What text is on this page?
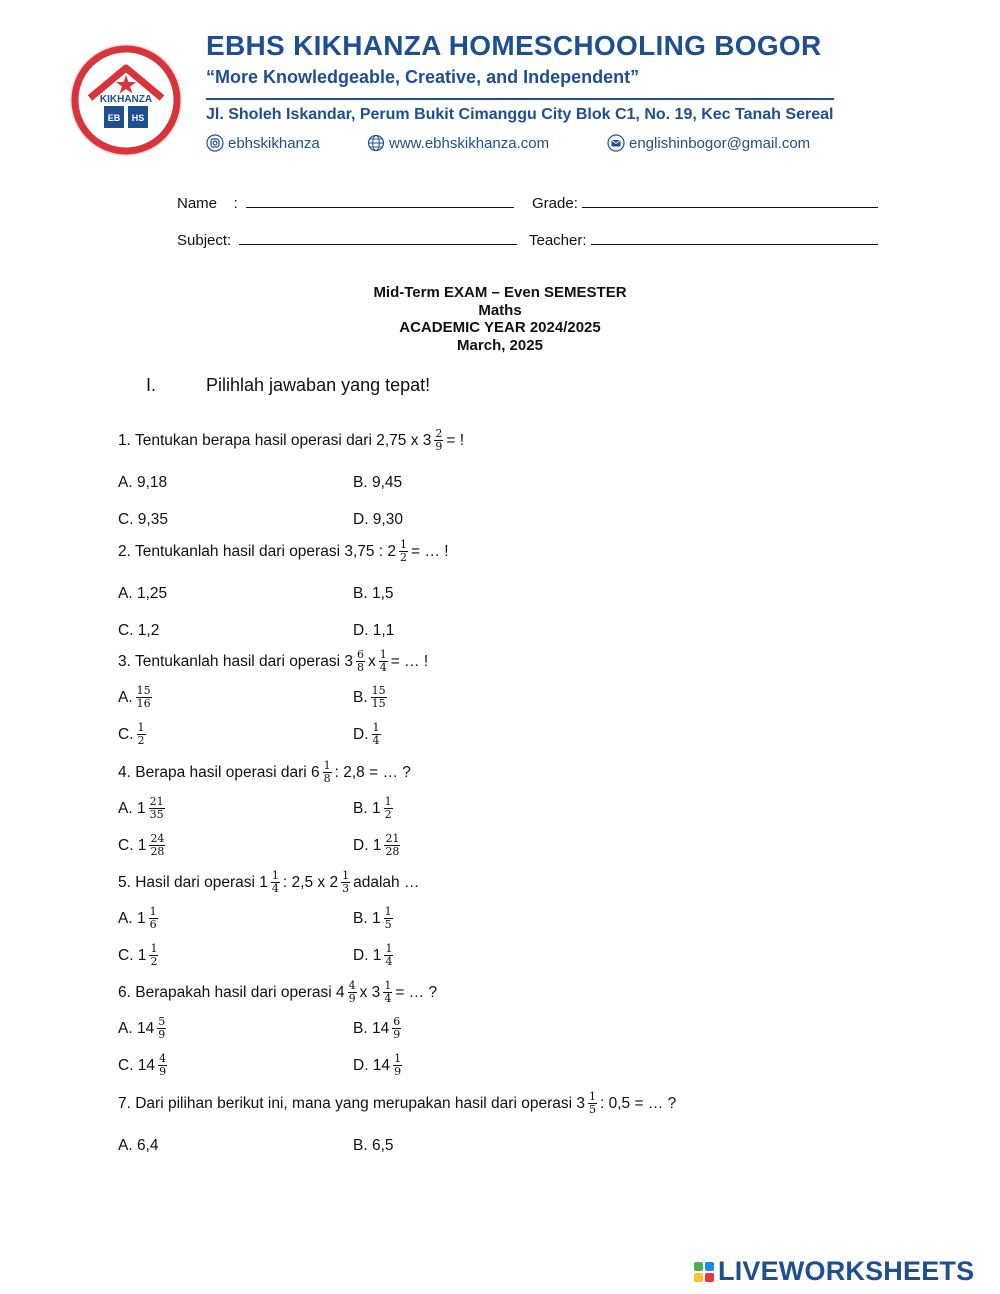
KIKHANZA
EB HS
EBHS KIKHANZA HOMESCHOOLING BOGOR
“More Knowledgeable, Creative, and Independent”
Jl. Sholeh Iskandar, Perum Bukit Cimanggu City Blok C1, No. 19, Kec Tanah Sereal
ebhskikhanza	www.ebhskikhanza.com	englishinbogor@gmail.com
Name    :	Grade:
Subject:	Teacher:
Mid-Term EXAM – Even SEMESTER
Maths
ACADEMIC YEAR 2024/2025
March, 2025
I.	Pilihlah jawaban yang tepat!
1. Tentukan berapa hasil operasi dari 2,75 x $3 \frac{2}{9}$ = !
A. 9,18	B. 9,45
C. 9,35	D. 9,30
2. Tentukanlah hasil dari operasi 3,75 : $2 \frac{1}{2}$ = … !
A. 1,25	B. 1,5
C. 1,2	D. 1,1
3. Tentukanlah hasil dari operasi $3 \frac{6}{8}$ x $\frac{1}{4}$ = … !
A. $\frac{15}{16}$	B. $\frac{15}{15}$
C. $\frac{1}{2}$	D. $\frac{1}{4}$
4. Berapa hasil operasi dari $6 \frac{1}{8}$ : 2,8 = … ?
A. $1 \frac{21}{35}$	B. $1 \frac{1}{2}$
C. $1 \frac{24}{28}$	D. $1 \frac{21}{28}$
5. Hasil dari operasi $1 \frac{1}{4}$ : 2,5 x $2 \frac{1}{3}$ adalah …
A. $1 \frac{1}{6}$	B. $1 \frac{1}{5}$
C. $1 \frac{1}{2}$	D. $1 \frac{1}{4}$
6. Berapakah hasil dari operasi $4 \frac{4}{9}$ x $3 \frac{1}{4}$ = … ?
A. $14 \frac{5}{9}$	B. $14 \frac{6}{9}$
C. $14 \frac{4}{9}$	D. $14 \frac{1}{9}$
7. Dari pilihan berikut ini, mana yang merupakan hasil dari operasi $3 \frac{1}{5}$ : 0,5 = … ?
A. 6,4	B. 6,5
LIVEWORKSHEETS
